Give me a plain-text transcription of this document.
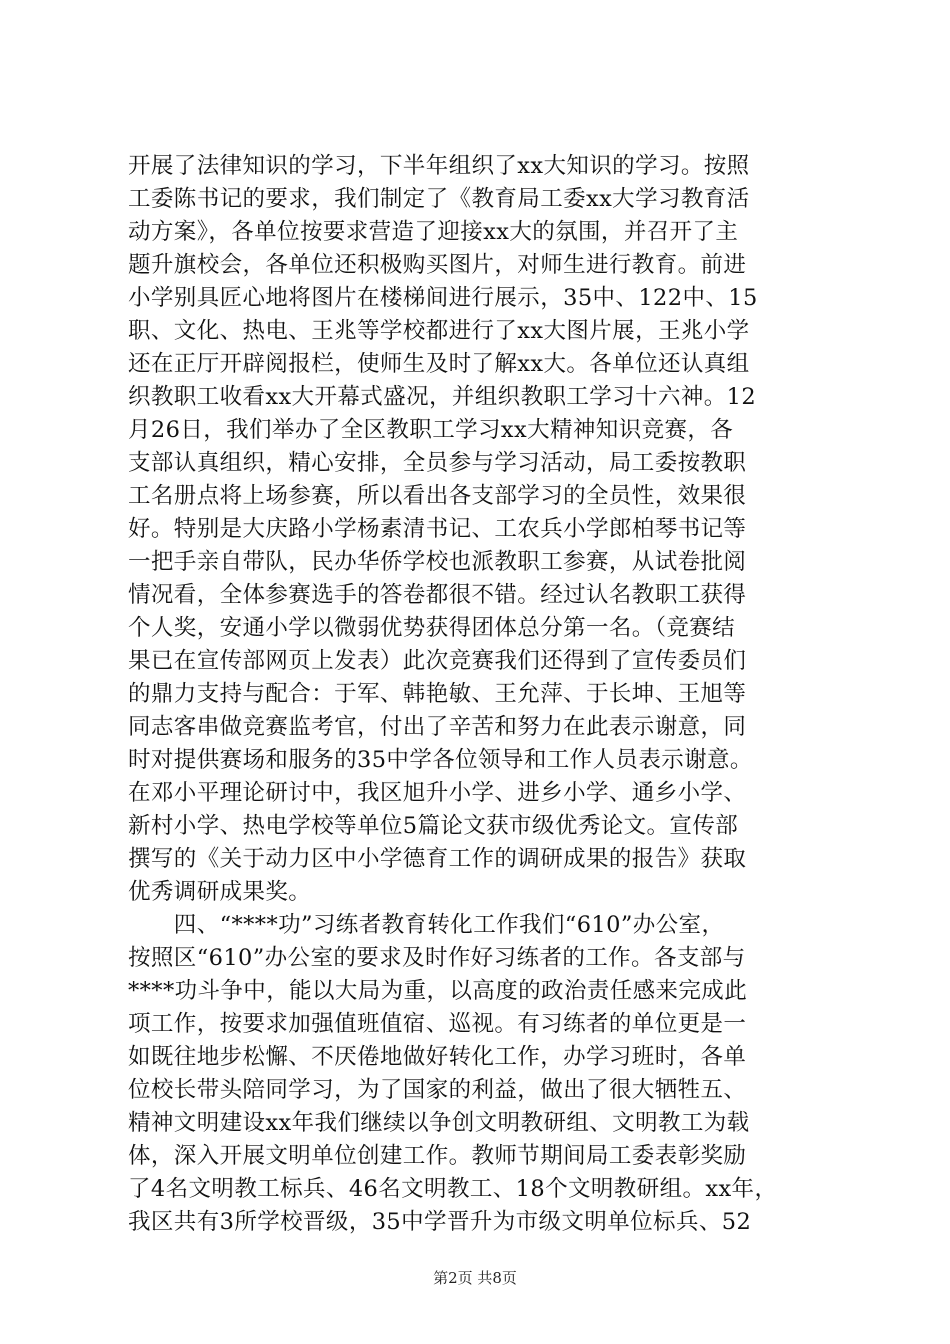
开展了法律知识的学习，下半年组织了xx大知识的学习。按照
工委陈书记的要求，我们制定了《教育局工委xx大学习教育活
动方案》，各单位按要求营造了迎接xx大的氛围，并召开了主
题升旗校会，各单位还积极购买图片，对师生进行教育。前进
小学别具匠心地将图片在楼梯间进行展示，35中、122中、15
职、文化、热电、王兆等学校都进行了xx大图片展，王兆小学
还在正厅开辟阅报栏，使师生及时了解xx大。各单位还认真组
织教职工收看xx大开幕式盛况，并组织教职工学习十六神。12
月26日，我们举办了全区教职工学习xx大精神知识竞赛，各
支部认真组织，精心安排，全员参与学习活动，局工委按教职
工名册点将上场参赛，所以看出各支部学习的全员性，效果很
好。特别是大庆路小学杨素清书记、工农兵小学郎柏琴书记等
一把手亲自带队，民办华侨学校也派教职工参赛，从试卷批阅
情况看，全体参赛选手的答卷都很不错。经过认名教职工获得
个人奖，安通小学以微弱优势获得团体总分第一名。（竞赛结
果已在宣传部网页上发表）此次竞赛我们还得到了宣传委员们
的鼎力支持与配合：于军、韩艳敏、王允萍、于长坤、王旭等
同志客串做竞赛监考官，付出了辛苦和努力在此表示谢意，同
时对提供赛场和服务的35中学各位领导和工作人员表示谢意。
在邓小平理论研讨中，我区旭升小学、进乡小学、通乡小学、
新村小学、热电学校等单位5篇论文获市级优秀论文。宣传部
撰写的《关于动力区中小学德育工作的调研成果的报告》获取
优秀调研成果奖。
　　四、“****功”习练者教育转化工作我们“610”办公室，
按照区“610”办公室的要求及时作好习练者的工作。各支部与
****功斗争中，能以大局为重，以高度的政治责任感来完成此
项工作，按要求加强值班值宿、巡视。有习练者的单位更是一
如既往地步松懈、不厌倦地做好转化工作，办学习班时，各单
位校长带头陪同学习，为了国家的利益，做出了很大牺牲五、
精神文明建设xx年我们继续以争创文明教研组、文明教工为载
体，深入开展文明单位创建工作。教师节期间局工委表彰奖励
了4名文明教工标兵、46名文明教工、18个文明教研组。xx年，
我区共有3所学校晋级，35中学晋升为市级文明单位标兵、52
第2页 共8页
